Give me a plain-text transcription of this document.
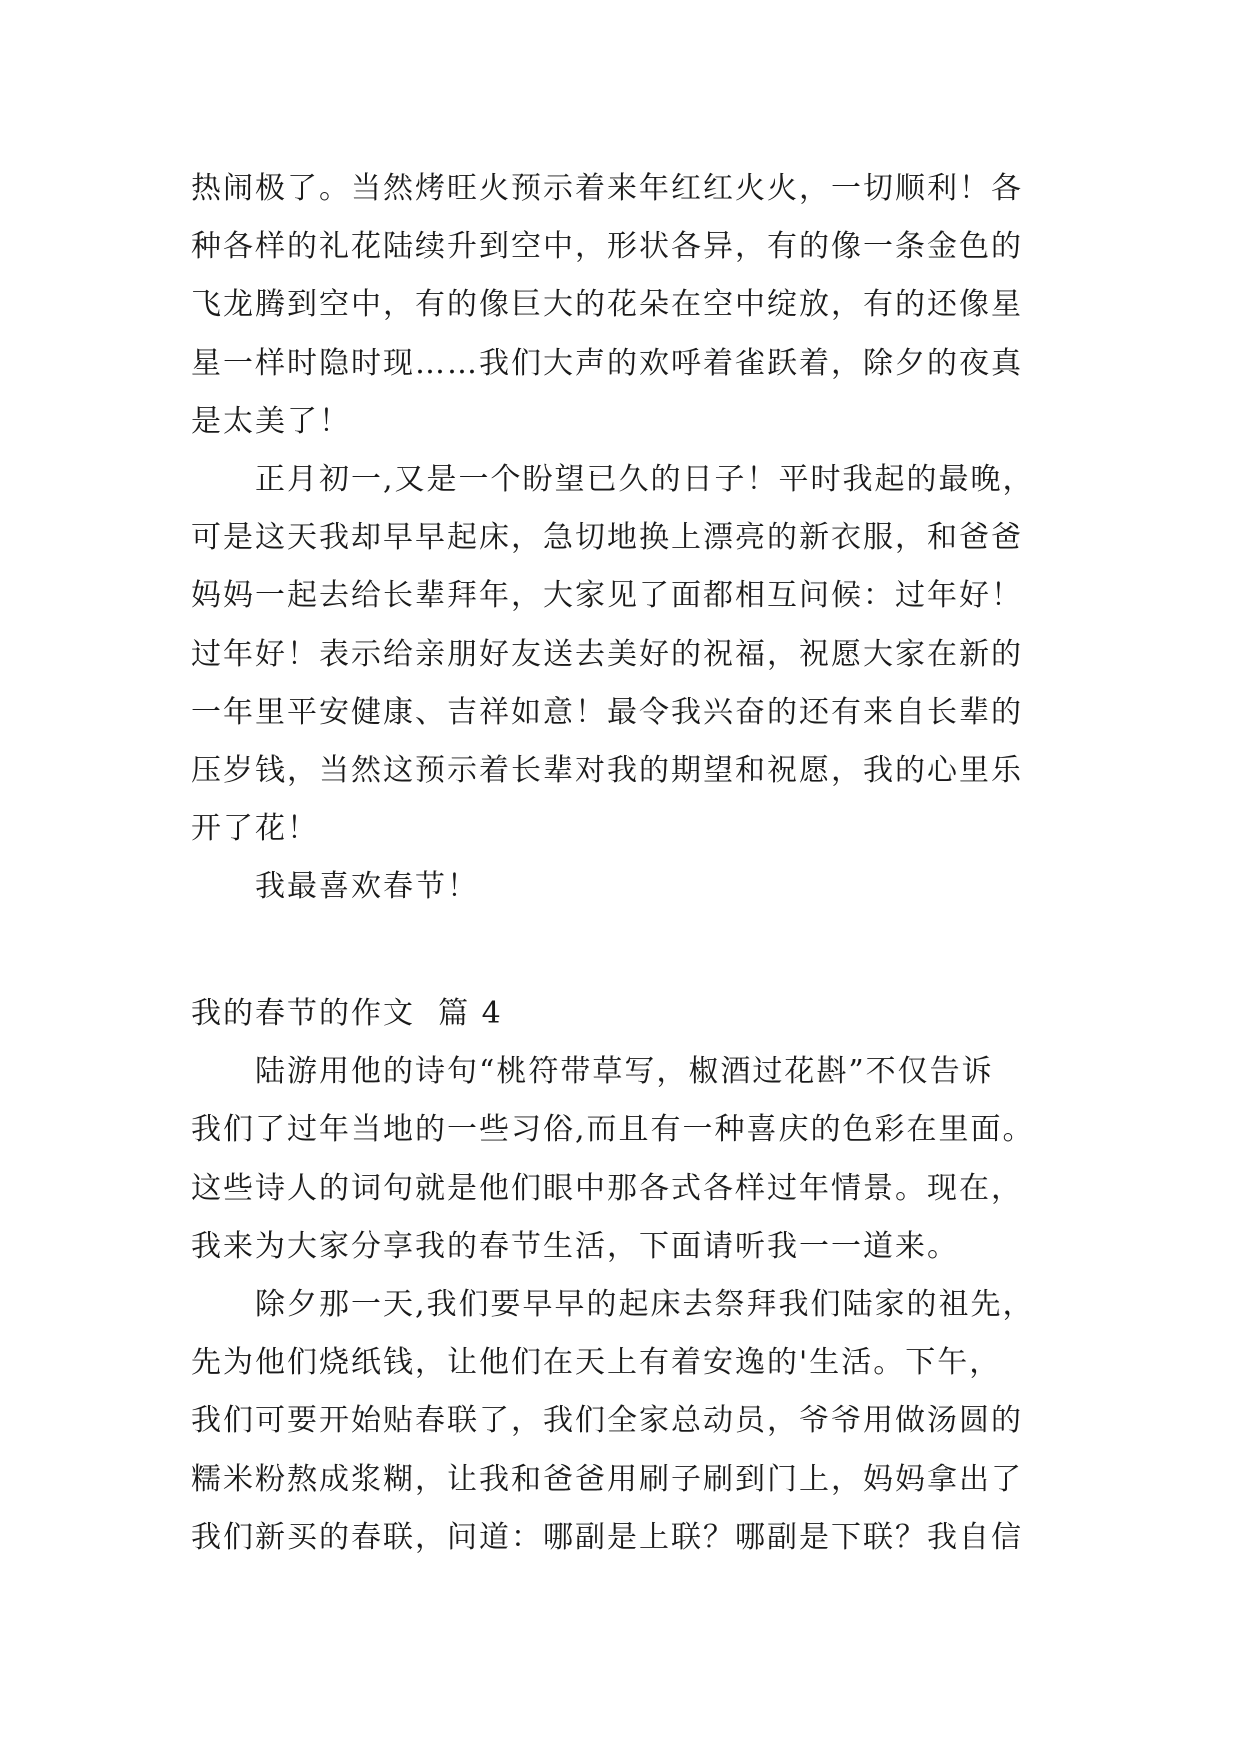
热闹极了。当然烤旺火预示着来年红红火火，一切顺利！各
种各样的礼花陆续升到空中，形状各异，有的像一条金色的
飞龙腾到空中，有的像巨大的花朵在空中绽放，有的还像星
星一样时隐时现……我们大声的欢呼着雀跃着，除夕的夜真
是太美了！
正月初一,又是一个盼望已久的日子！平时我起的最晚，
可是这天我却早早起床，急切地换上漂亮的新衣服，和爸爸
妈妈一起去给长辈拜年，大家见了面都相互问候：过年好！
过年好！表示给亲朋好友送去美好的祝福，祝愿大家在新的
一年里平安健康、吉祥如意！最令我兴奋的还有来自长辈的
压岁钱，当然这预示着长辈对我的期望和祝愿，我的心里乐
开了花！
我最喜欢春节！
我的春节的作文  篇 4
陆游用他的诗句“桃符带草写，椒酒过花斟”不仅告诉
我们了过年当地的一些习俗,而且有一种喜庆的色彩在里面。
这些诗人的词句就是他们眼中那各式各样过年情景。现在，
我来为大家分享我的春节生活，下面请听我一一道来。
除夕那一天,我们要早早的起床去祭拜我们陆家的祖先，
先为他们烧纸钱，让他们在天上有着安逸的'生活。下午，
我们可要开始贴春联了，我们全家总动员，爷爷用做汤圆的
糯米粉熬成浆糊，让我和爸爸用刷子刷到门上，妈妈拿出了
我们新买的春联，问道：哪副是上联？哪副是下联？我自信
